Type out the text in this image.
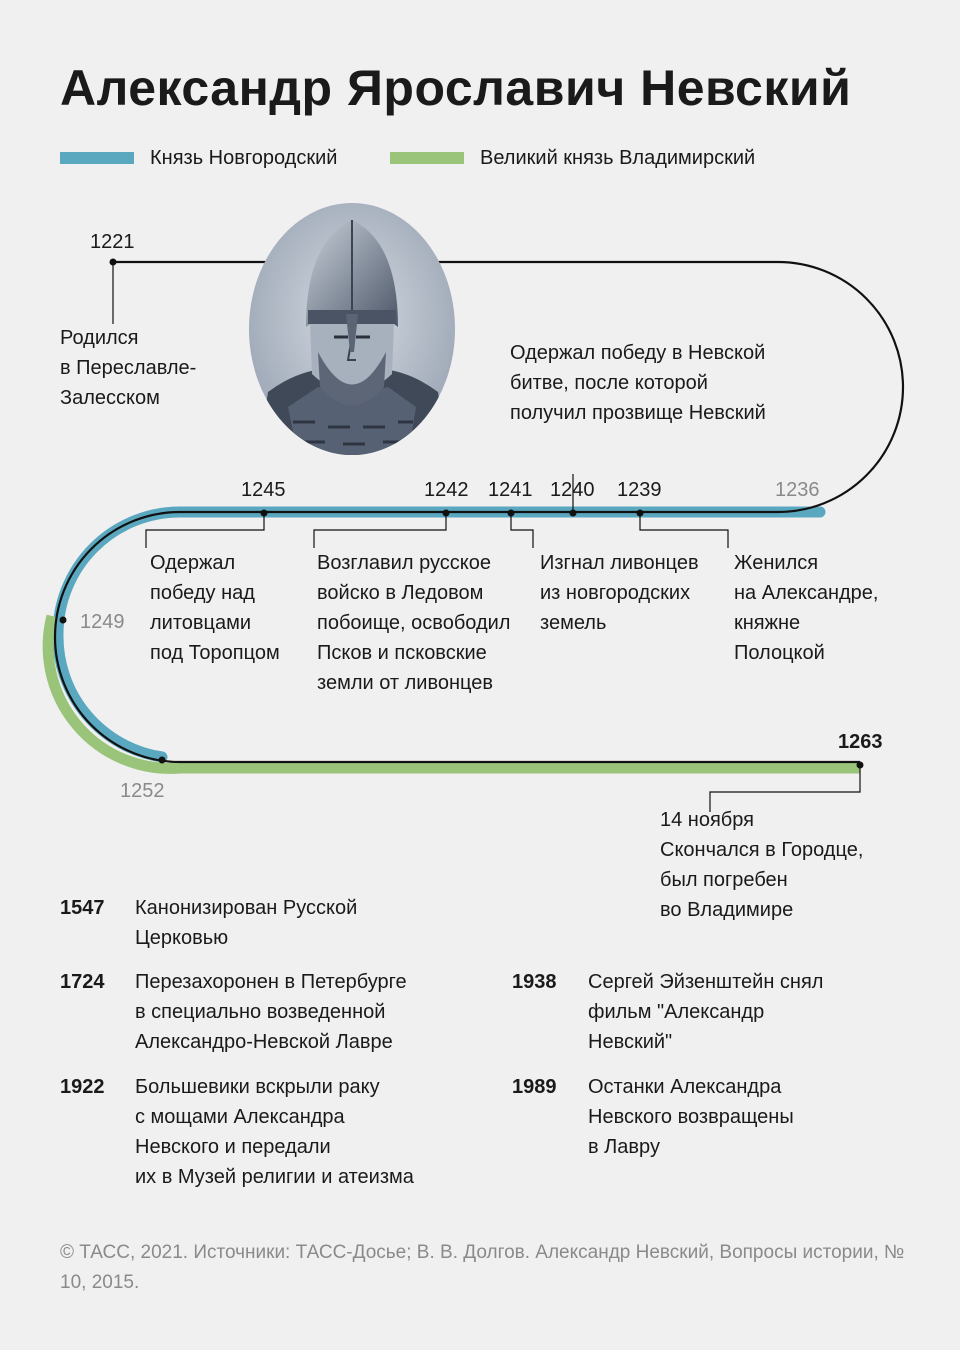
Александр Ярославич Невский
Князь Новгородский	Великий князь Владимирский
1221
Родился
в Переславле-
Залесском
Одержал победу в Невской
битве, после которой
получил прозвище Невский
1245	1242 1241 1240 1239	1236
Одержал
победу над
литовцами
под Торопцом
Возглавил русское
войско в Ледовом
побоище, освободил
Псков и псковские
земли от ливонцев
Изгнал ливонцев
из новгородских
земель
Женился
на Александре,
княжне
Полоцкой
1249
1252
1263
14 ноября
Скончался в Городце,
был погребен
во Владимире
1547 Канонизирован Русской
Церковью
1724 Перезахоронен в Петербурге
в специально возведенной
Александро-Невской Лавре
1922 Большевики вскрыли раку
с мощами Александра
Невского и передали
их в Музей религии и атеизма
1938 Сергей Эйзенштейн снял
фильм "Александр
Невский"
1989 Останки Александра
Невского возвращены
в Лавру
© ТАСС, 2021. Источники: ТАСС-Досье; В. В. Долгов. Александр Невский, Вопросы истории, № 10, 2015.
